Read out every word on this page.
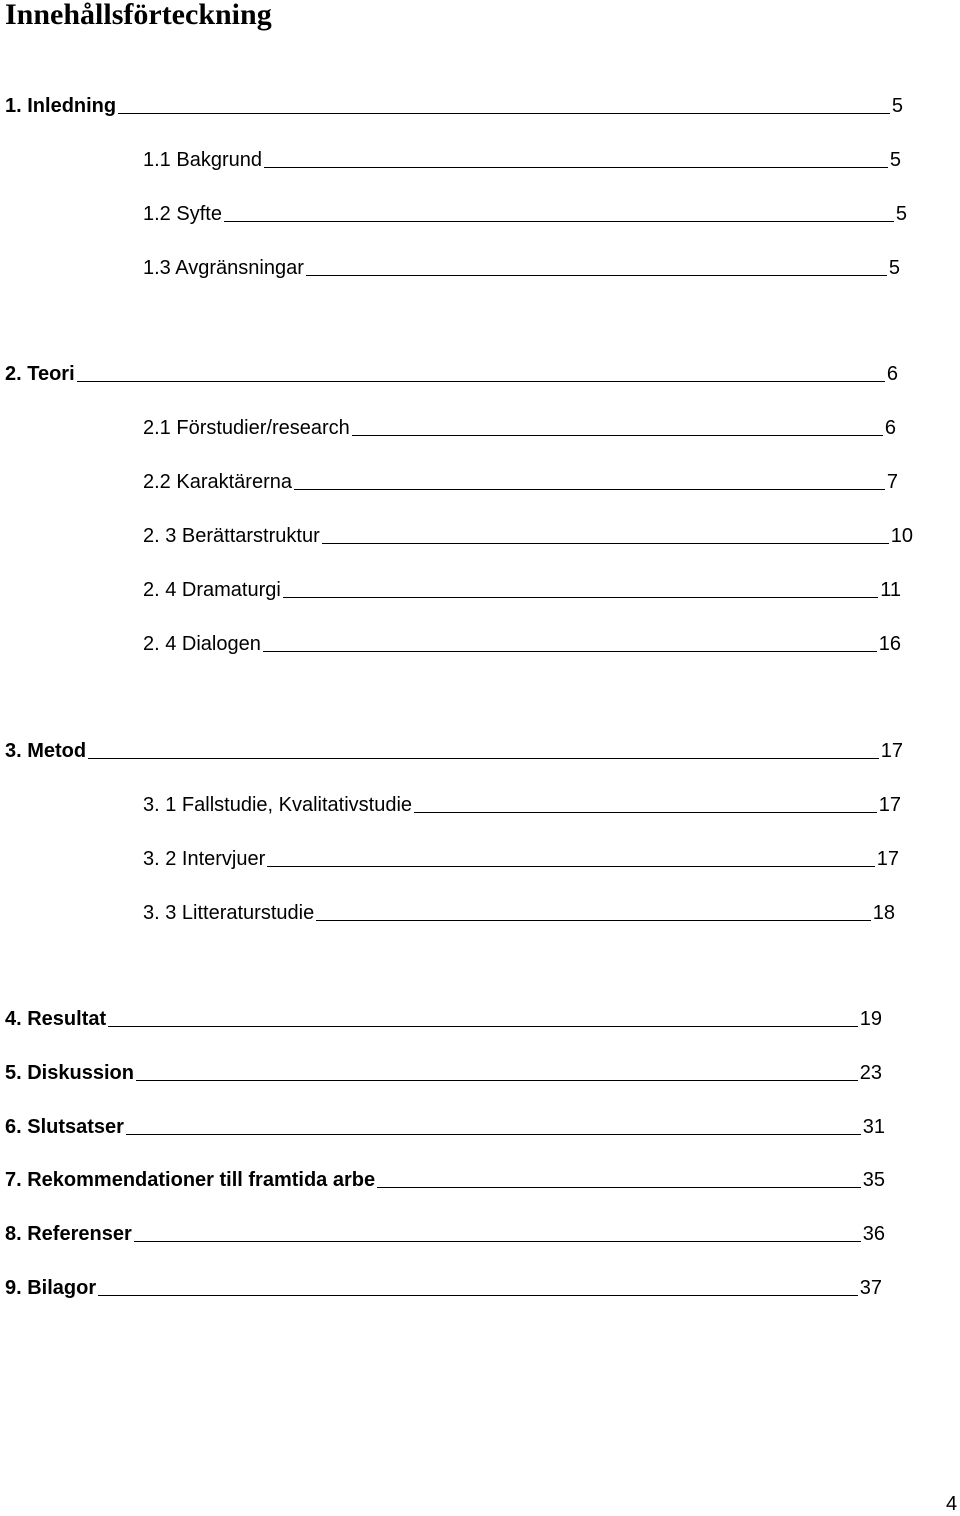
Innehållsförteckning
1. Inledning	5
1.1 Bakgrund	5
1.2 Syfte	5
1.3 Avgränsningar	5
2. Teori	6
2.1 Förstudier/research	6
2.2 Karaktärerna	7
2. 3 Berättarstruktur	10
2. 4 Dramaturgi	11
2. 4 Dialogen	16
3. Metod	17
3. 1 Fallstudie, Kvalitativstudie	17
3. 2 Intervjuer	17
3. 3 Litteraturstudie	18
4. Resultat	19
5. Diskussion	23
6. Slutsatser	31
7. Rekommendationer till framtida arbe	35
8. Referenser	36
9. Bilagor	37
4
